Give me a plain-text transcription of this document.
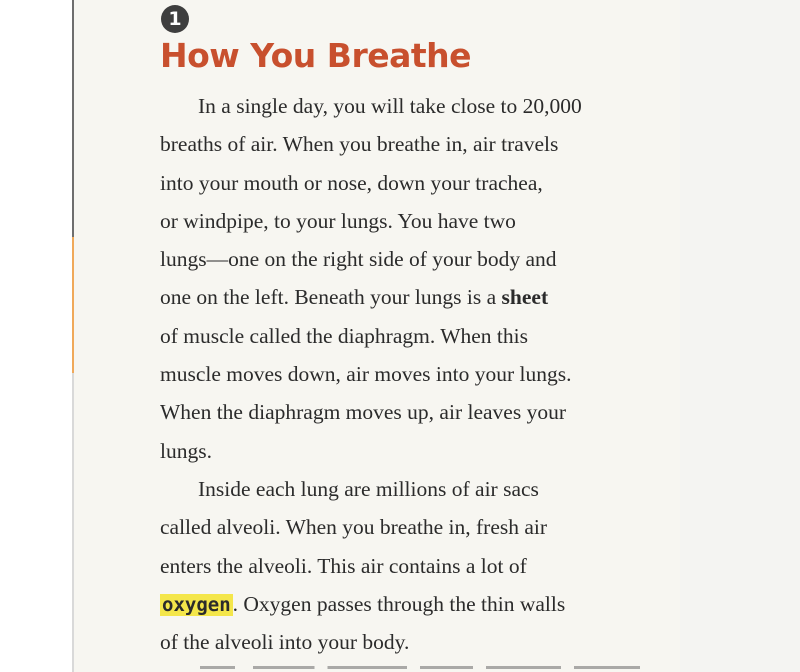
1
How You Breathe
In a single day, you will take close to 20,000
breaths of air. When you breathe in, air travels
into your mouth or nose, down your trachea,
or windpipe, to your lungs. You have two
lungs—one on the right side of your body and
one on the left. Beneath your lungs is a sheet
of muscle called the diaphragm. When this
muscle moves down, air moves into your lungs.
When the diaphragm moves up, air leaves your
lungs.
Inside each lung are millions of air sacs
called alveoli. When you breathe in, fresh air
enters the alveoli. This air contains a lot of
oxygen. Oxygen passes through the thin walls
of the alveoli into your body.
